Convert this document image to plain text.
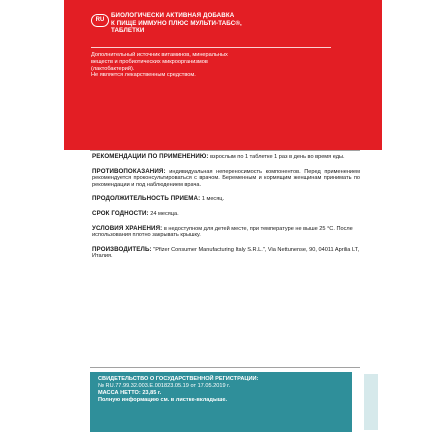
RU
БИОЛОГИЧЕСКИ АКТИВНАЯ ДОБАВКА
К ПИЩЕ ИММУНО ПЛЮС МУЛЬТИ-ТАБС®,
ТАБЛЕТКИ
Дополнительный источник витаминов, минеральных
веществ и пробиотических микроорганизмов
(лактобактерий).
Не является лекарственным средством.
РЕКОМЕНДАЦИИ ПО ПРИМЕНЕНИЮ: взрослым по 1 таблетке 1 раз в день во время еды.
ПРОТИВОПОКАЗАНИЯ: индивидуальная непереносимость компонентов. Перед применением рекомендуется проконсультироваться с врачом. Беременным и кормящим женщинам принимать по рекомендации и под наблюдением врача.
ПРОДОЛЖИТЕЛЬНОСТЬ ПРИЕМА: 1 месяц.
СРОК ГОДНОСТИ: 24 месяца.
УСЛОВИЯ ХРАНЕНИЯ: в недоступном для детей месте, при температуре не выше 25 °С. После использования плотно закрывать крышку.
ПРОИЗВОДИТЕЛЬ: "Pfizer Consumer Manufacturing Italy S.R.L.", Via Nettunense, 90, 04011 Aprilia LT, Италия.
СВИДЕТЕЛЬСТВО О ГОСУДАРСТВЕННОЙ РЕГИСТРАЦИИ:
№ RU.77.99.32.003.Е.001823.05.19 от 17.05.2019 г.
МАССА НЕТТО: 23,85 г.
Полную информацию см. в листке-вкладыше.
